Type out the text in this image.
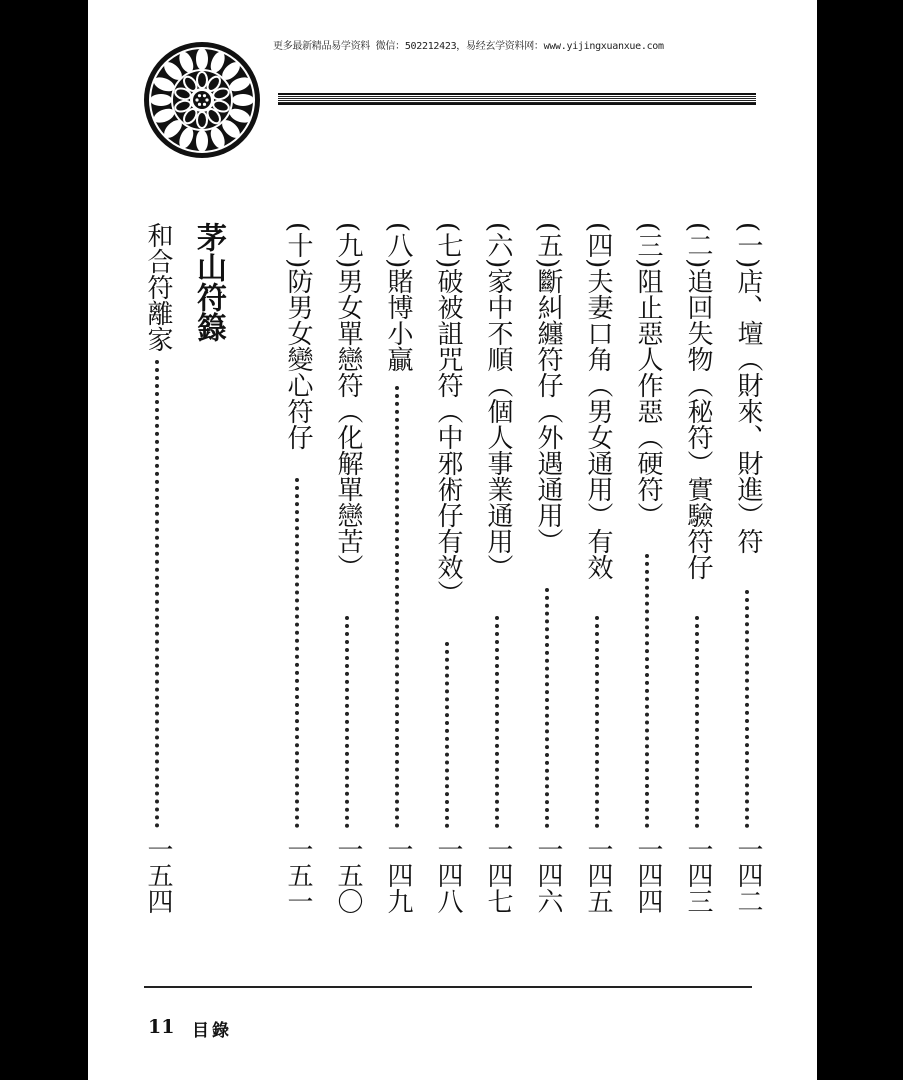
更多最新精品易学资料 微信：502212423，易经玄学资料网：www.yijingxuanxue.com
(一)店、壇（財來、財進）符
一四二
(二)追回失物（秘符）實驗符仔
一四三
(三)阻止惡人作惡（硬符）
一四四
(四)夫妻口角（男女通用）有效
一四五
(五)斷糾纏符仔（外遇通用）
一四六
(六)家中不順（個人事業通用）
一四七
(七)破被詛咒符（中邪術仔有效）
一四八
(八)賭博小贏
一四九
(九)男女單戀符（化解單戀苦）
一五〇
(十)防男女變心符仔
一五一
茅山符籙
和合符離家
一五四
11 目錄
